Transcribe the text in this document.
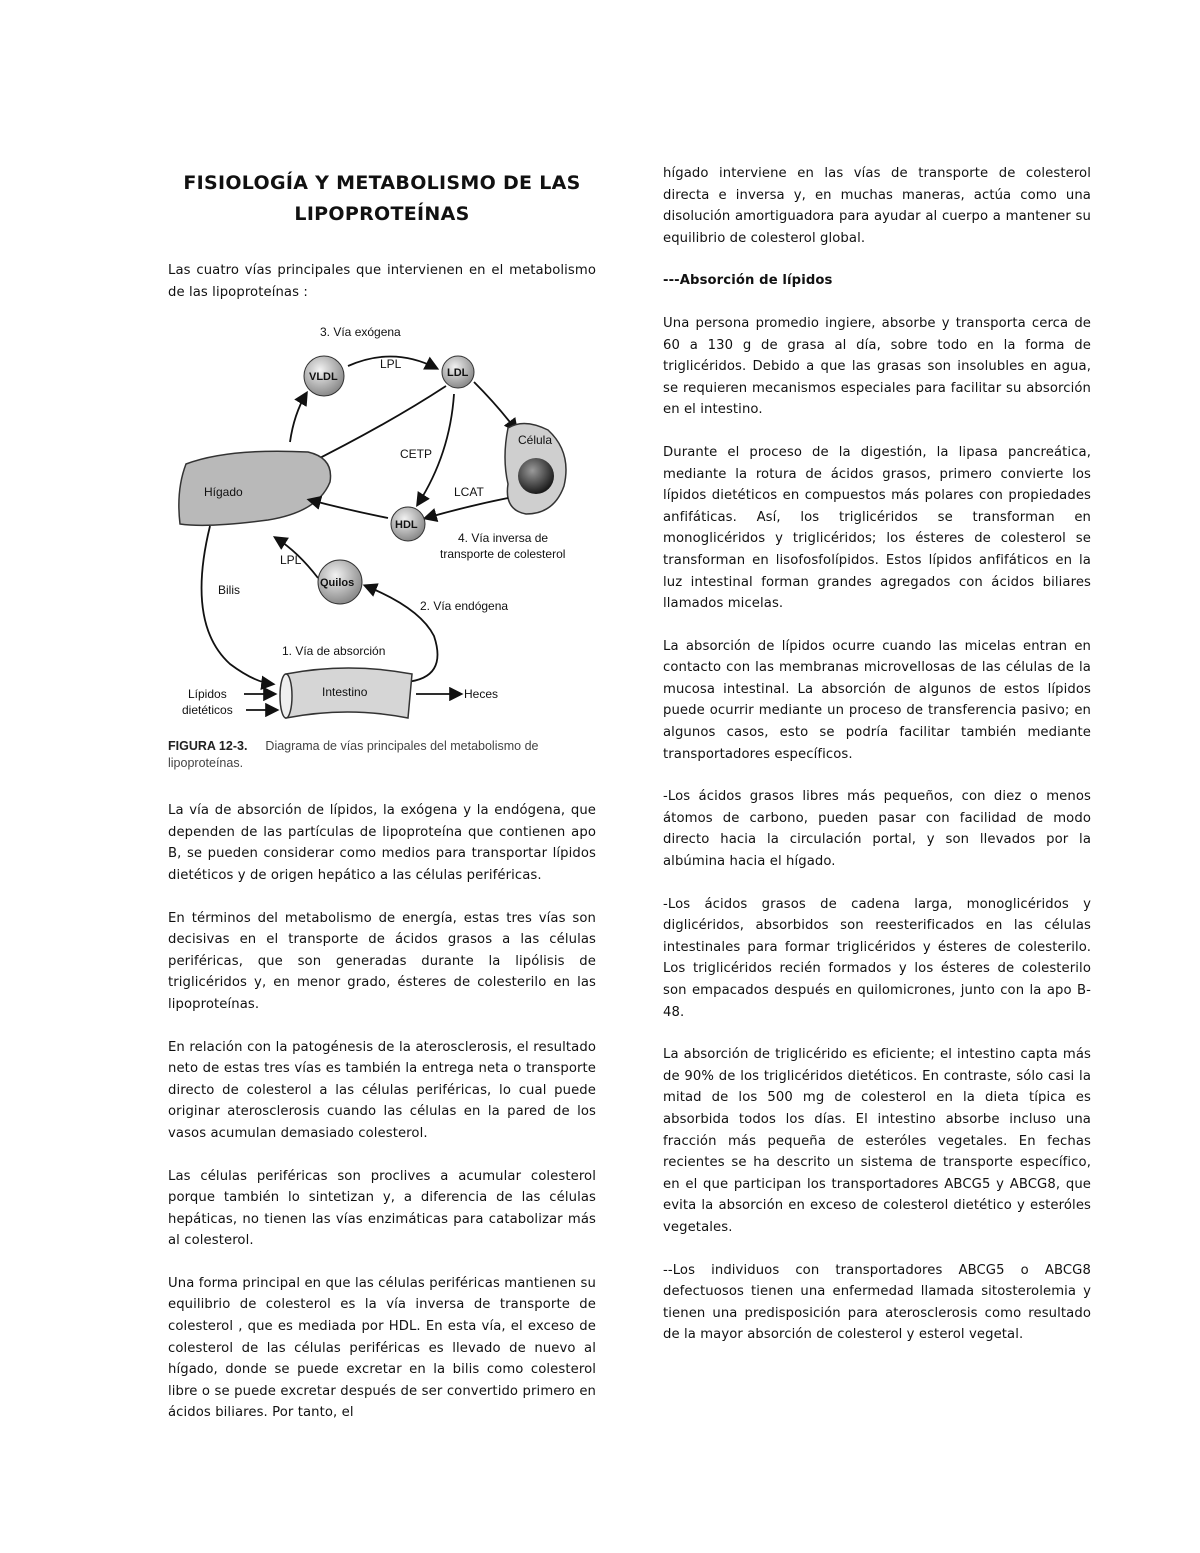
FISIOLOGÍA Y METABOLISMO DE LAS
LIPOPROTEÍNAS

Las cuatro vías principales que intervienen en el metabolismo de las lipoproteínas :

3. Vía exógena
VLDL
LPL
LDL
Célula
CETP
Hígado	LCAT
HDL
4. Vía inversa de
transporte de colesterol
LPL
Quilos
Bilis
2. Vía endógena
1. Vía de absorción
Intestino	Heces
Lípidos
dietéticos
FIGURA 12-3. Diagrama de vías principales del metabolismo de lipoproteínas.

La vía de absorción de lípidos, la exógena y la endógena, que dependen de las partículas de lipoproteína que contienen apo B, se pueden considerar como medios para transportar lípidos dietéticos y de origen hepático a las células periféricas.

En términos del metabolismo de energía, estas tres vías son decisivas en el transporte de ácidos grasos a las células periféricas, que son generadas durante la lipólisis de triglicéridos y, en menor grado, ésteres de colesterilo en las lipoproteínas.

En relación con la patogénesis de la aterosclerosis, el resultado neto de estas tres vías es también la entrega neta o transporte directo de colesterol a las células periféricas, lo cual puede originar aterosclerosis cuando las células en la pared de los vasos acumulan demasiado colesterol.

Las células periféricas son proclives a acumular colesterol porque también lo sintetizan y, a diferencia de las células hepáticas, no tienen las vías enzimáticas para catabolizar más al colesterol.

Una forma principal en que las células periféricas mantienen su equilibrio de colesterol es la vía inversa de transporte de colesterol , que es mediada por HDL. En esta vía, el exceso de colesterol de las células periféricas es llevado de nuevo al hígado, donde se puede excretar en la bilis como colesterol libre o se puede excretar después de ser convertido primero en ácidos biliares. Por tanto, el

hígado interviene en las vías de transporte de colesterol directa e inversa y, en muchas maneras, actúa como una disolución amortiguadora para ayudar al cuerpo a mantener su equilibrio de colesterol global.

---Absorción de lípidos

Una persona promedio ingiere, absorbe y transporta cerca de 60 a 130 g de grasa al día, sobre todo en la forma de triglicéridos. Debido a que las grasas son insolubles en agua, se requieren mecanismos especiales para facilitar su absorción en el intestino.

Durante el proceso de la digestión, la lipasa pancreática, mediante la rotura de ácidos grasos, primero convierte los lípidos dietéticos en compuestos más polares con propiedades anfifáticas. Así, los triglicéridos se transforman en monoglicéridos y triglicéridos; los ésteres de colesterol se transforman en lisofosfolípidos. Estos lípidos anfifáticos en la luz intestinal forman grandes agregados con ácidos biliares llamados micelas.

La absorción de lípidos ocurre cuando las micelas entran en contacto con las membranas microvellosas de las células de la mucosa intestinal. La absorción de algunos de estos lípidos puede ocurrir mediante un proceso de transferencia pasivo; en algunos casos, esto se podría facilitar también mediante transportadores específicos.

-Los ácidos grasos libres más pequeños, con diez o menos átomos de carbono, pueden pasar con facilidad de modo directo hacia la circulación portal, y son llevados por la albúmina hacia el hígado.

-Los ácidos grasos de cadena larga, monoglicéridos y diglicéridos, absorbidos son reesterificados en las células intestinales para formar triglicéridos y ésteres de colesterilo. Los triglicéridos recién formados y los ésteres de colesterilo son empacados después en quilomicrones, junto con la apo B-48.

La absorción de triglicérido es eficiente; el intestino capta más de 90% de los triglicéridos dietéticos. En contraste, sólo casi la mitad de los 500 mg de colesterol en la dieta típica es absorbida todos los días. El intestino absorbe incluso una fracción más pequeña de esteróles vegetales. En fechas recientes se ha descrito un sistema de transporte específico, en el que participan los transportadores ABCG5 y ABCG8, que evita la absorción en exceso de colesterol dietético y esteróles vegetales.

--Los individuos con transportadores ABCG5 o ABCG8 defectuosos tienen una enfermedad llamada sitosterolemia y tienen una predisposición para aterosclerosis como resultado de la mayor absorción de colesterol y esterol vegetal.
